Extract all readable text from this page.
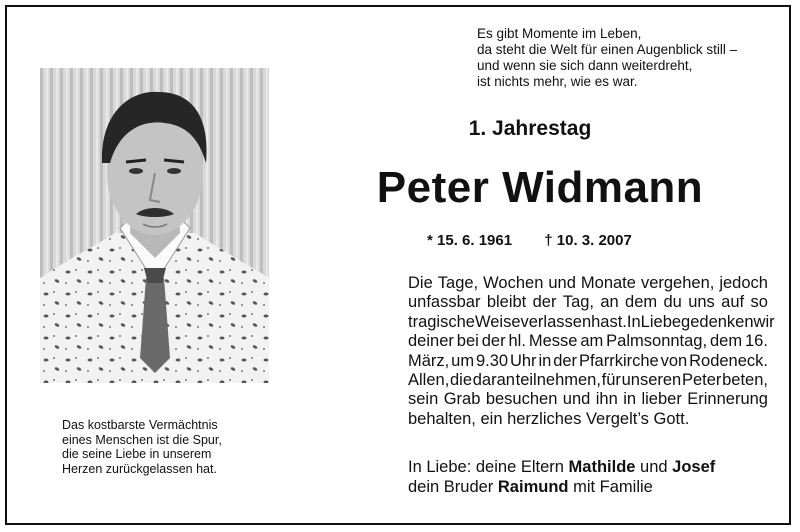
Es gibt Momente im Leben,
da steht die Welt für einen Augenblick still –
und wenn sie sich dann weiterdreht,
ist nichts mehr, wie es war.
1. Jahrestag
Peter Widmann
* 15. 6. 1961 † 10. 3. 2007
Die Tage, Wochen und Monate vergehen, jedoch
unfassbar bleibt der Tag, an dem du uns auf so
tragische Weise verlassen hast. In Liebe gedenken wir
deiner bei der hl. Messe am Palmsonntag, dem 16.
März, um 9.30 Uhr in der Pfarrkirche von Rodeneck.
Allen, die daran teilnehmen, für unseren Peter beten,
sein Grab besuchen und ihn in lieber Erinnerung
behalten, ein herzliches Vergelt’s Gott.
Das kostbarste Vermächtnis
eines Menschen ist die Spur,
die seine Liebe in unserem
Herzen zurückgelassen hat.	In Liebe: deine Eltern Mathilde und Josef
dein Bruder Raimund mit Familie
